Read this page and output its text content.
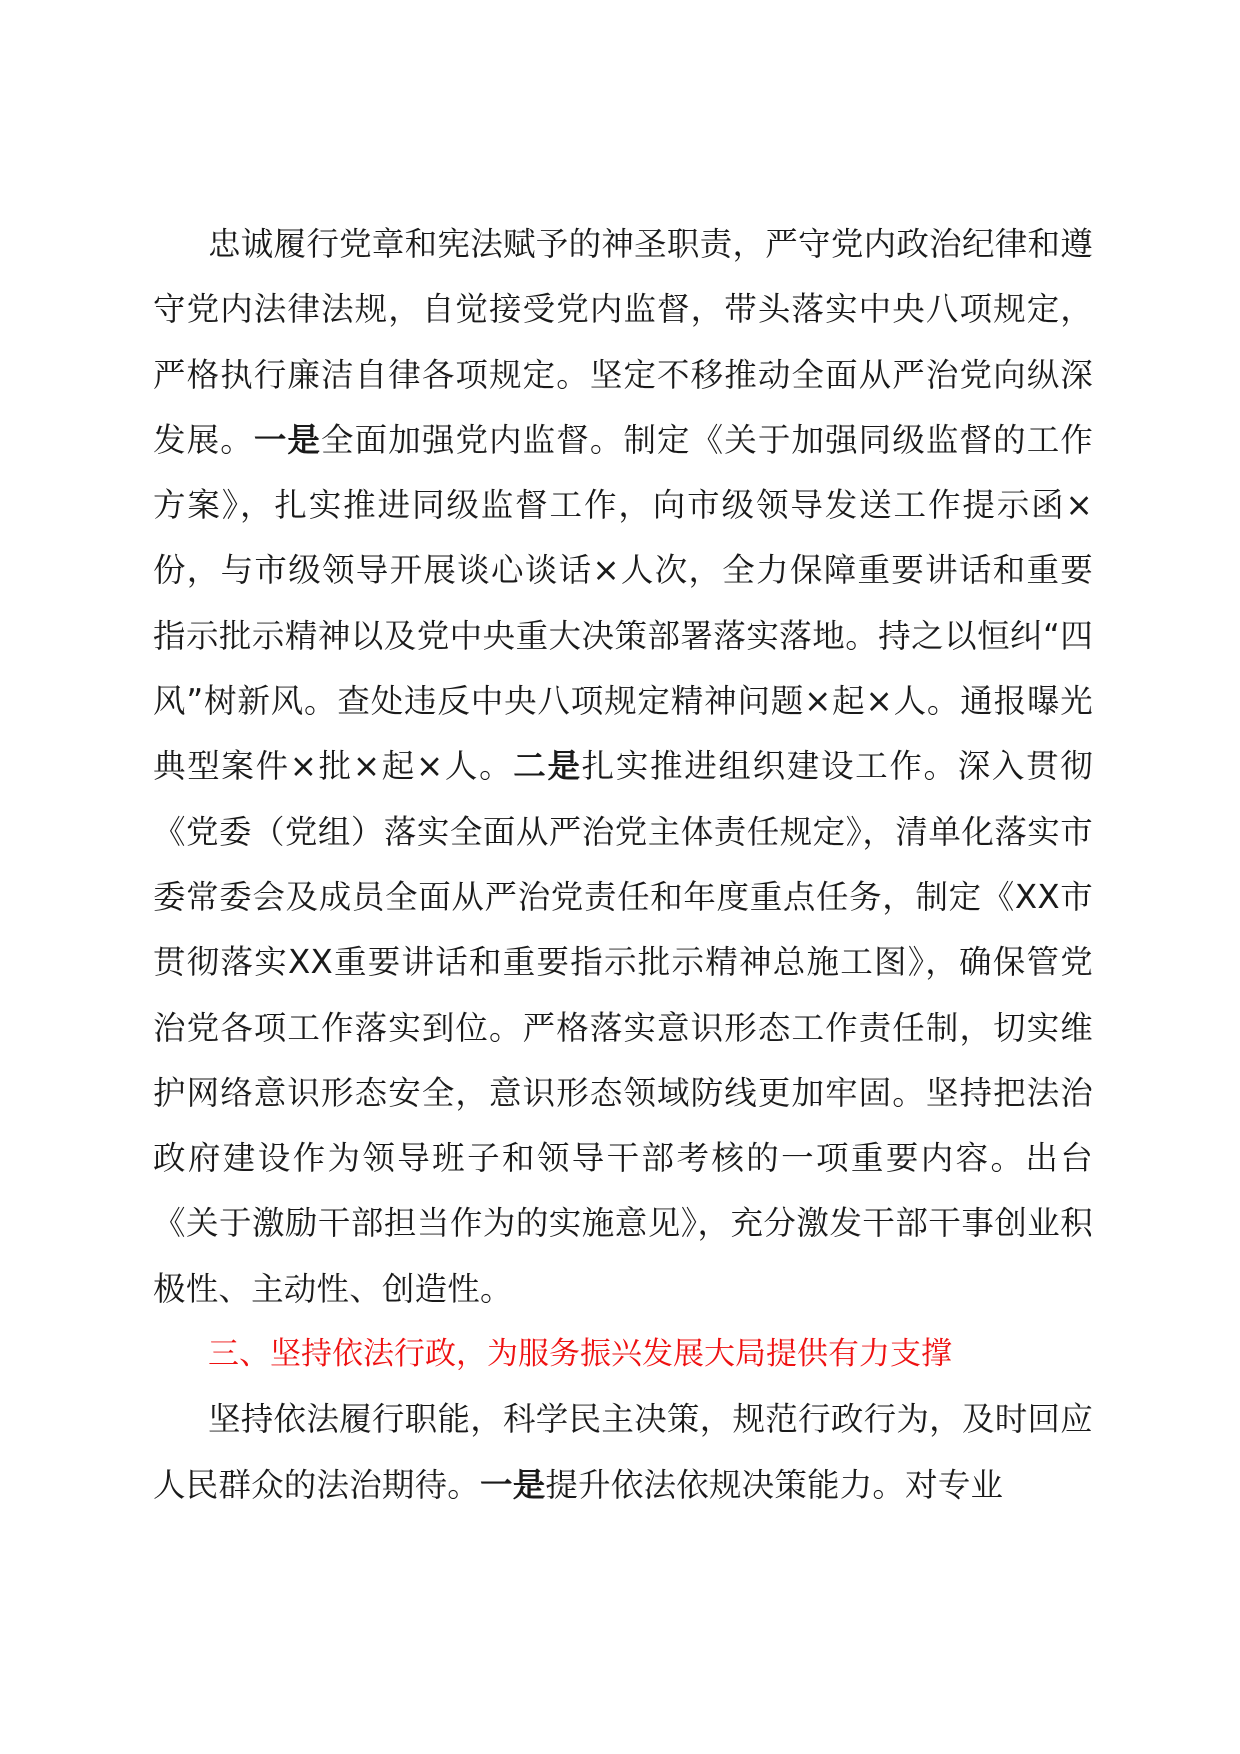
忠诚履行党章和宪法赋予的神圣职责，严守党内政治纪律和遵守党内法律法规，自觉接受党内监督，带头落实中央八项规定，严格执行廉洁自律各项规定。坚定不移推动全面从严治党向纵深发展。一是全面加强党内监督。制定《关于加强同级监督的工作方案》，扎实推进同级监督工作，向市级领导发送工作提示函×份，与市级领导开展谈心谈话×人次，全力保障重要讲话和重要指示批示精神以及党中央重大决策部署落实落地。持之以恒纠“四风”树新风。查处违反中央八项规定精神问题×起×人。通报曝光典型案件×批×起×人。二是扎实推进组织建设工作。深入贯彻《党委（党组）落实全面从严治党主体责任规定》，清单化落实市委常委会及成员全面从严治党责任和年度重点任务，制定《XX市贯彻落实XX重要讲话和重要指示批示精神总施工图》，确保管党治党各项工作落实到位。严格落实意识形态工作责任制，切实维护网络意识形态安全，意识形态领域防线更加牢固。坚持把法治政府建设作为领导班子和领导干部考核的一项重要内容。出台《关于激励干部担当作为的实施意见》，充分激发干部干事创业积极性、主动性、创造性。

三、坚持依法行政，为服务振兴发展大局提供有力支撑

坚持依法履行职能，科学民主决策，规范行政行为，及时回应人民群众的法治期待。一是提升依法依规决策能力。对专业
